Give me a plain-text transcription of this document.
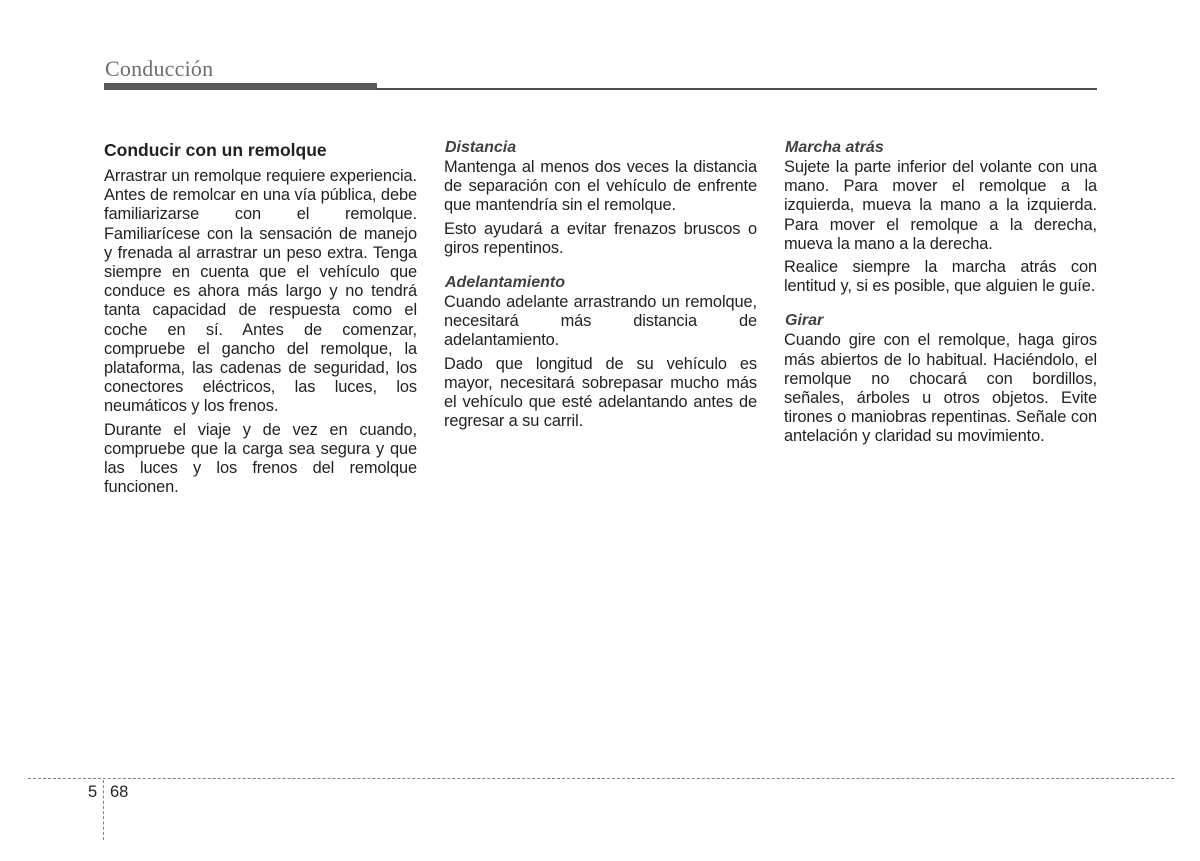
Conducción
Conducir con un remolque

Arrastrar un remolque requiere experiencia. Antes de remolcar en una vía pública, debe familiarizarse con el remolque. Familiarícese con la sensación de manejo y frenada al arrastrar un peso extra. Tenga siempre en cuenta que el vehículo que conduce es ahora más largo y no tendrá tanta capacidad de respuesta como el coche en sí. Antes de comenzar, compruebe el gancho del remolque, la plataforma, las cadenas de seguridad, los conectores eléctricos, las luces, los neumáticos y los frenos.

Durante el viaje y de vez en cuando, compruebe que la carga sea segura y que las luces y los frenos del remolque funcionen.

Distancia

Mantenga al menos dos veces la distancia de separación con el vehículo de enfrente que mantendría sin el remolque.

Esto ayudará a evitar frenazos bruscos o giros repentinos.

Adelantamiento

Cuando adelante arrastrando un remolque, necesitará más distancia de adelantamiento.

Dado que longitud de su vehículo es mayor, necesitará sobrepasar mucho más el vehículo que esté adelantando antes de regresar a su carril.

Marcha atrás

Sujete la parte inferior del volante con una mano. Para mover el remolque a la izquierda, mueva la mano a la izquierda. Para mover el remolque a la derecha, mueva la mano a la derecha.

Realice siempre la marcha atrás con lentitud y, si es posible, que alguien le guíe.

Girar

Cuando gire con el remolque, haga giros más abiertos de lo habitual. Haciéndolo, el remolque no chocará con bordillos, señales, árboles u otros objetos. Evite tirones o maniobras repentinas. Señale con antelación y claridad su movimiento.

5 68
